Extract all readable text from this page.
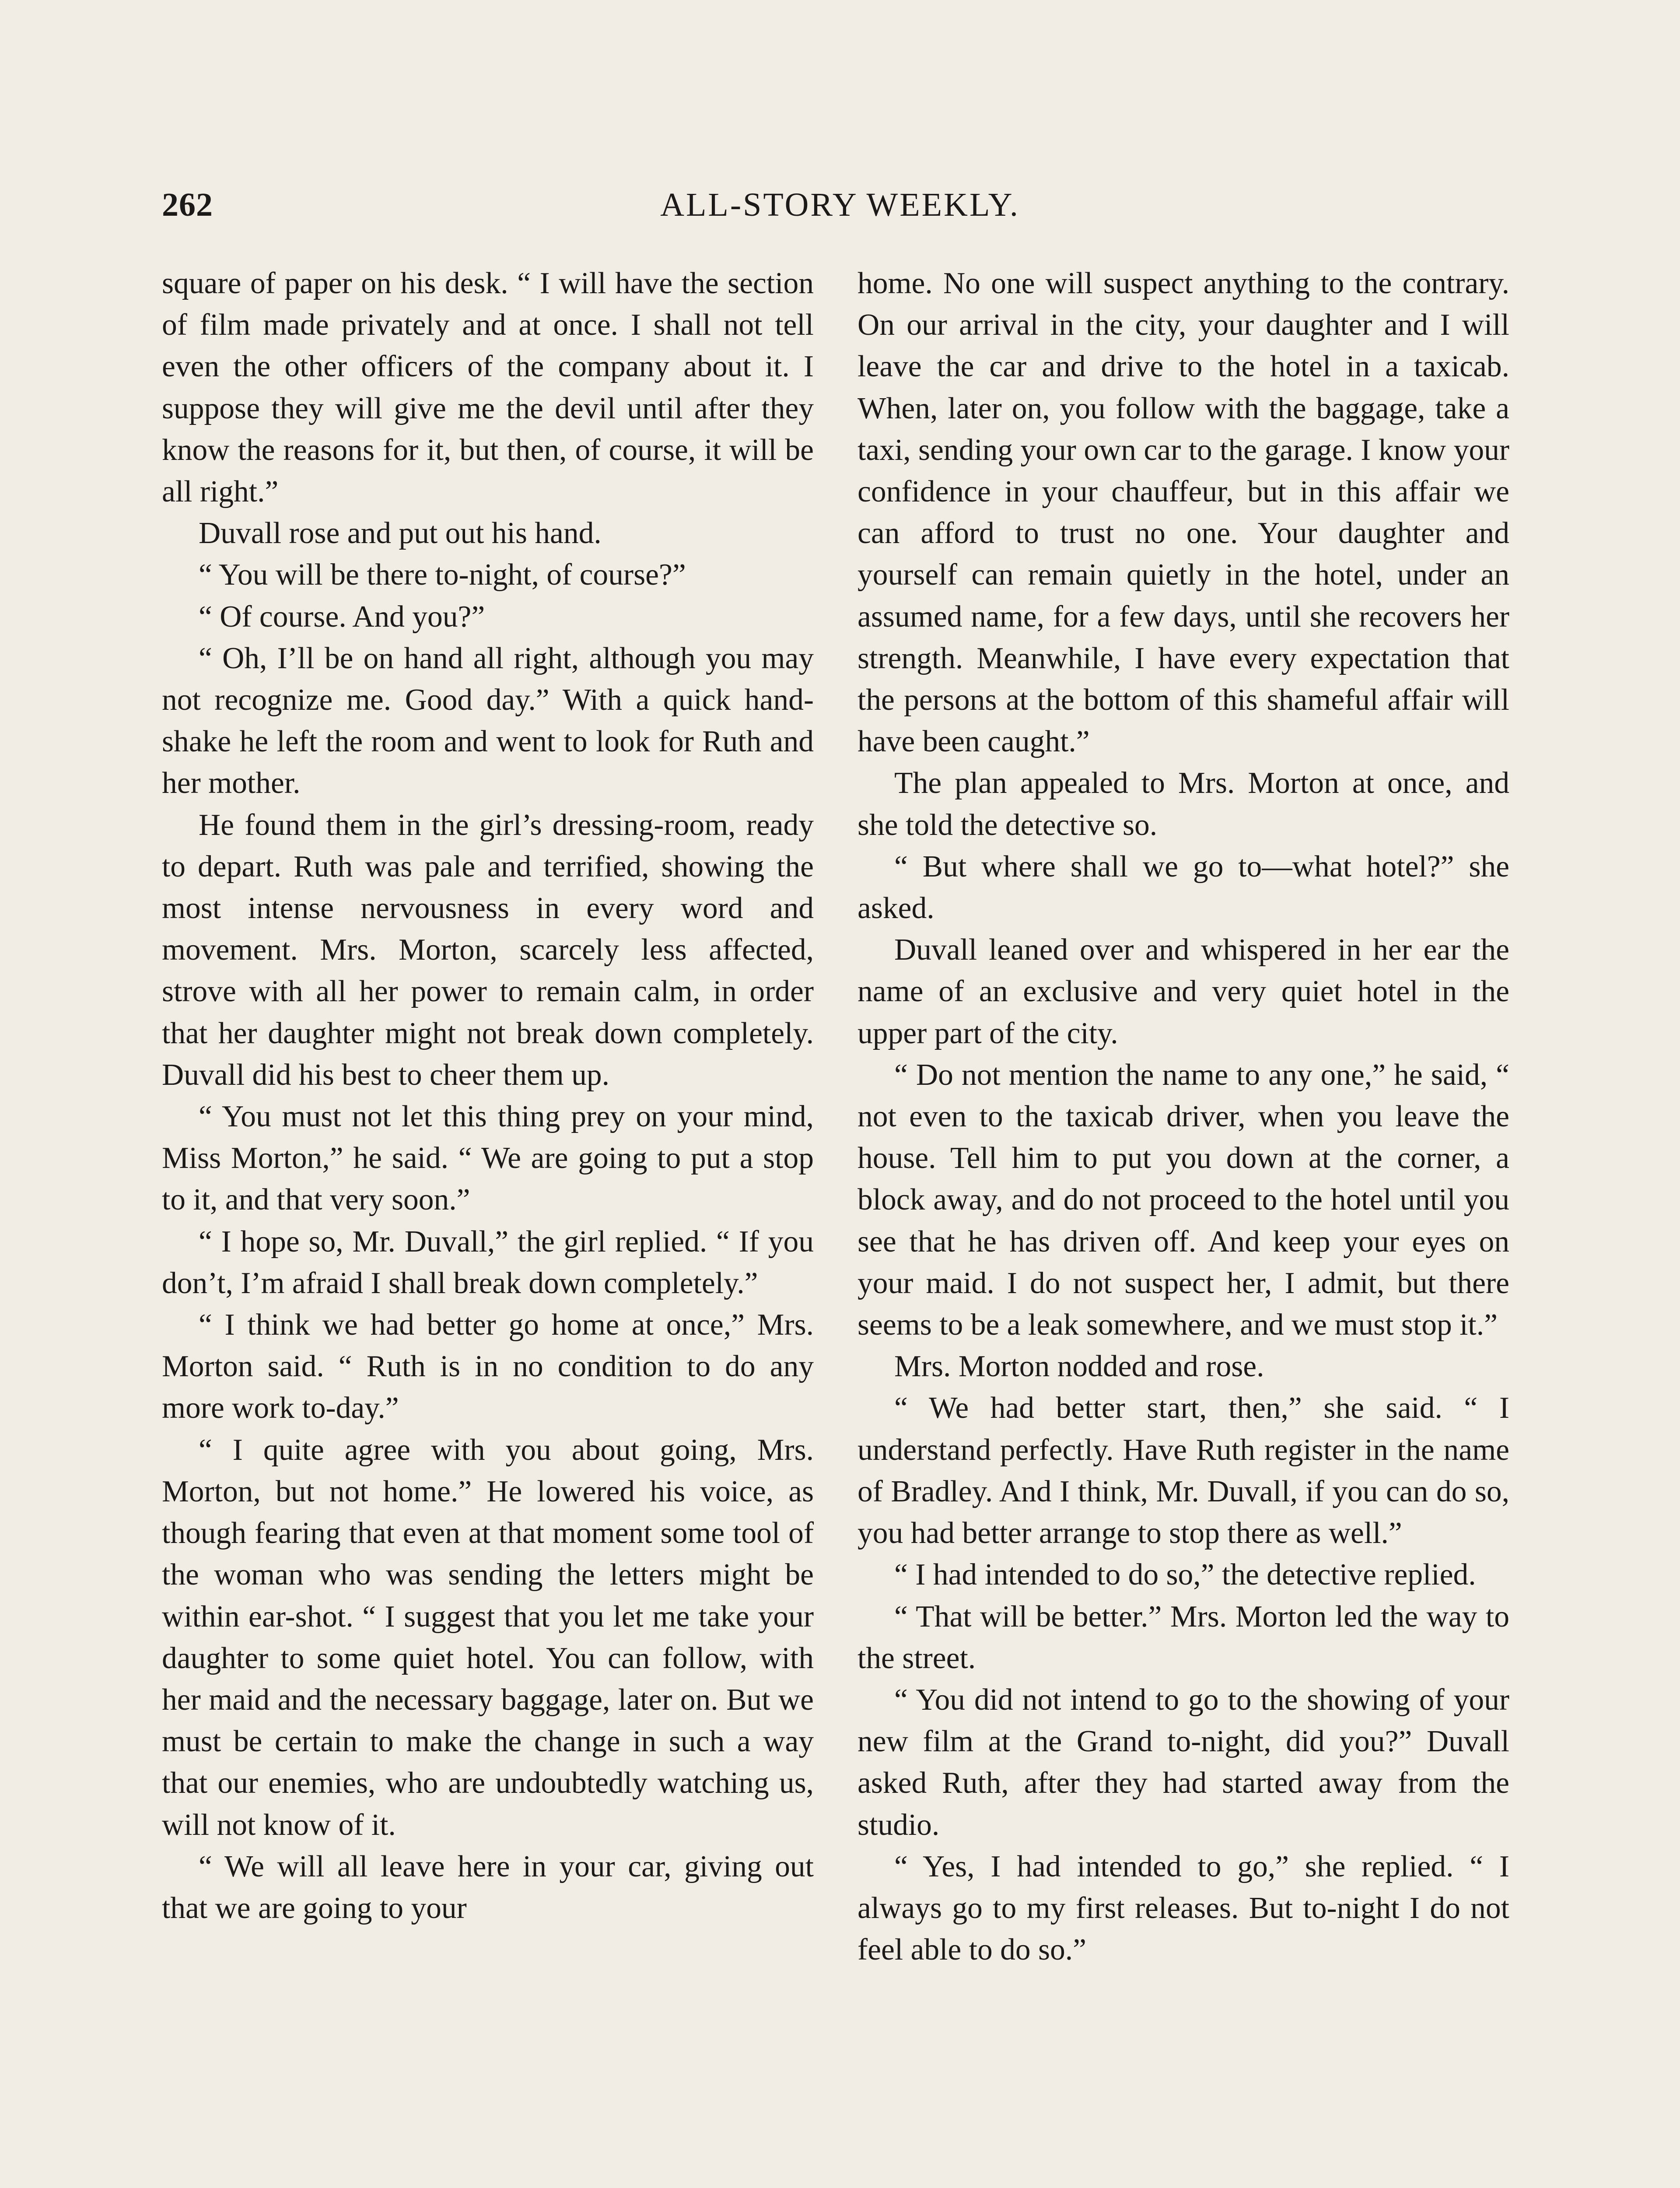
262	ALL-STORY WEEKLY.

square of paper on his desk. “ I will have the section of film made privately and at once. I shall not tell even the other officers of the company about it. I suppose they will give me the devil until after they know the reasons for it, but then, of course, it will be all right.”

Duvall rose and put out his hand.

“ You will be there to-night, of course?”

“ Of course. And you?”

“ Oh, I’ll be on hand all right, although you may not recognize me. Good day.” With a quick hand-shake he left the room and went to look for Ruth and her mother.

He found them in the girl’s dressing-room, ready to depart. Ruth was pale and terrified, showing the most intense nervousness in every word and movement. Mrs. Morton, scarcely less affected, strove with all her power to remain calm, in order that her daughter might not break down completely. Duvall did his best to cheer them up.

“ You must not let this thing prey on your mind, Miss Morton,” he said. “ We are going to put a stop to it, and that very soon.”

“ I hope so, Mr. Duvall,” the girl replied. “ If you don’t, I’m afraid I shall break down completely.”

“ I think we had better go home at once,” Mrs. Morton said. “ Ruth is in no condition to do any more work to-day.”

“ I quite agree with you about going, Mrs. Morton, but not home.” He lowered his voice, as though fearing that even at that moment some tool of the woman who was sending the letters might be within ear-shot. “ I suggest that you let me take your daughter to some quiet hotel. You can follow, with her maid and the necessary baggage, later on. But we must be certain to make the change in such a way that our enemies, who are undoubtedly watching us, will not know of it.

“ We will all leave here in your car, giving out that we are going to your

home. No one will suspect anything to the contrary. On our arrival in the city, your daughter and I will leave the car and drive to the hotel in a taxicab. When, later on, you follow with the baggage, take a taxi, sending your own car to the garage. I know your confidence in your chauffeur, but in this affair we can afford to trust no one. Your daughter and yourself can remain quietly in the hotel, under an assumed name, for a few days, until she recovers her strength. Meanwhile, I have every expectation that the persons at the bottom of this shameful affair will have been caught.”

The plan appealed to Mrs. Morton at once, and she told the detective so.

“ But where shall we go to—what hotel?” she asked.

Duvall leaned over and whispered in her ear the name of an exclusive and very quiet hotel in the upper part of the city.

“ Do not mention the name to any one,” he said, “ not even to the taxicab driver, when you leave the house. Tell him to put you down at the corner, a block away, and do not proceed to the hotel until you see that he has driven off. And keep your eyes on your maid. I do not suspect her, I admit, but there seems to be a leak somewhere, and we must stop it.”

Mrs. Morton nodded and rose.

“ We had better start, then,” she said. “ I understand perfectly. Have Ruth register in the name of Bradley. And I think, Mr. Duvall, if you can do so, you had better arrange to stop there as well.”

“ I had intended to do so,” the detective replied.

“ That will be better.” Mrs. Morton led the way to the street.

“ You did not intend to go to the showing of your new film at the Grand to-night, did you?” Duvall asked Ruth, after they had started away from the studio.

“ Yes, I had intended to go,” she replied. “ I always go to my first releases. But to-night I do not feel able to do so.”
